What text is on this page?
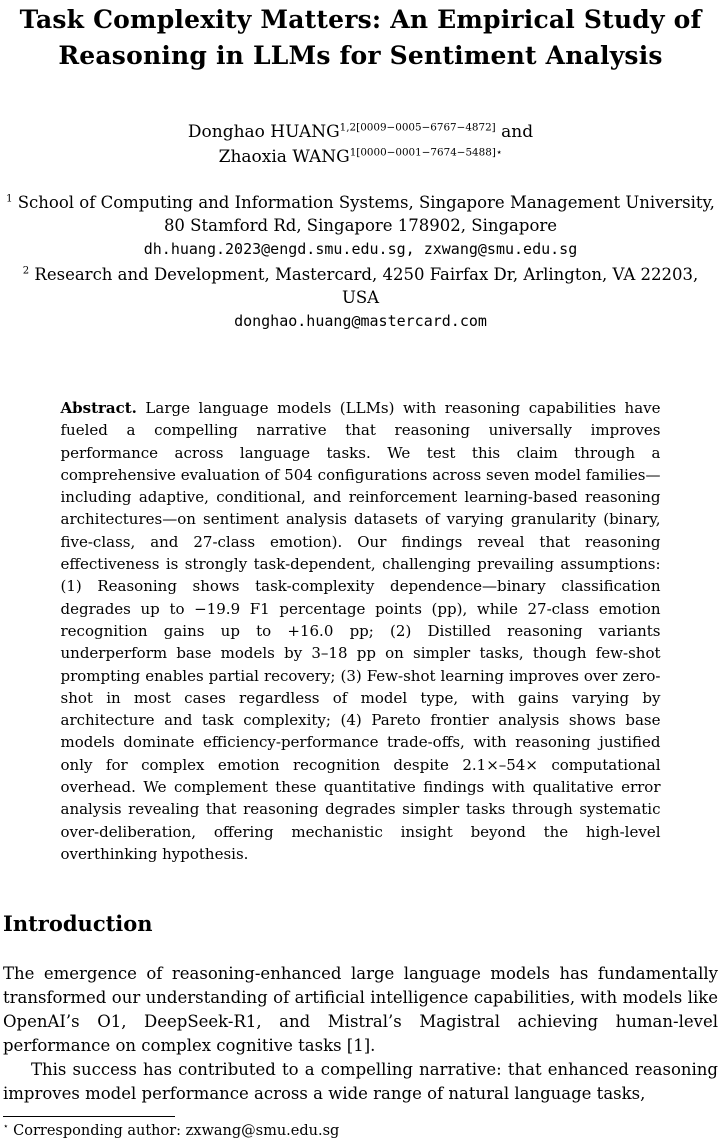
Task Complexity Matters: An Empirical Study of
Reasoning in LLMs for Sentiment Analysis
Donghao $HUANG^{1,2[0009-0005-6767-4872]}$ and
Zhaoxia $WANG^{1[0000-0001-7674-5488]⋆}$
$^1$ School of Computing and Information Systems, Singapore Management University, 80 Stamford Rd, Singapore 178902, Singapore
dh.huang.2023@engd.smu.edu.sg, zxwang@smu.edu.sg
$^2$ Research and Development, Mastercard, 4250 Fairfax Dr, Arlington, VA 22203, USA
donghao.huang@mastercard.com
Abstract. Large language models (LLMs) with reasoning capabilities have fueled a compelling narrative that reasoning universally improves performance across language tasks. We test this claim through a comprehensive evaluation of 504 configurations across seven model families—including adaptive, conditional, and reinforcement learning-based reasoning architectures—on sentiment analysis datasets of varying granularity (binary, five-class, and 27-class emotion). Our findings reveal that reasoning effectiveness is strongly task-dependent, challenging prevailing assumptions: (1) Reasoning shows task-complexity dependence—binary classification degrades up to −19.9 F1 percentage points (pp), while 27-class emotion recognition gains up to +16.0 pp; (2) Distilled reasoning variants underperform base models by 3–18 pp on simpler tasks, though few-shot prompting enables partial recovery; (3) Few-shot learning improves over zero-shot in most cases regardless of model type, with gains varying by architecture and task complexity; (4) Pareto frontier analysis shows base models dominate efficiency-performance trade-offs, with reasoning justified only for complex emotion recognition despite 2.1×–54× computational overhead. We complement these quantitative findings with qualitative error analysis revealing that reasoning degrades simpler tasks through systematic over-deliberation, offering mechanistic insight beyond the high-level overthinking hypothesis.
Introduction

The emergence of reasoning-enhanced large language models has fundamentally transformed our understanding of artificial intelligence capabilities, with models like OpenAI’s O1, DeepSeek-R1, and Mistral’s Magistral achieving human-level performance on complex cognitive tasks [1].

This success has contributed to a compelling narrative: that enhanced reasoning improves model performance across a wide range of natural language tasks,

⋆ Corresponding author: zxwang@smu.edu.sg
